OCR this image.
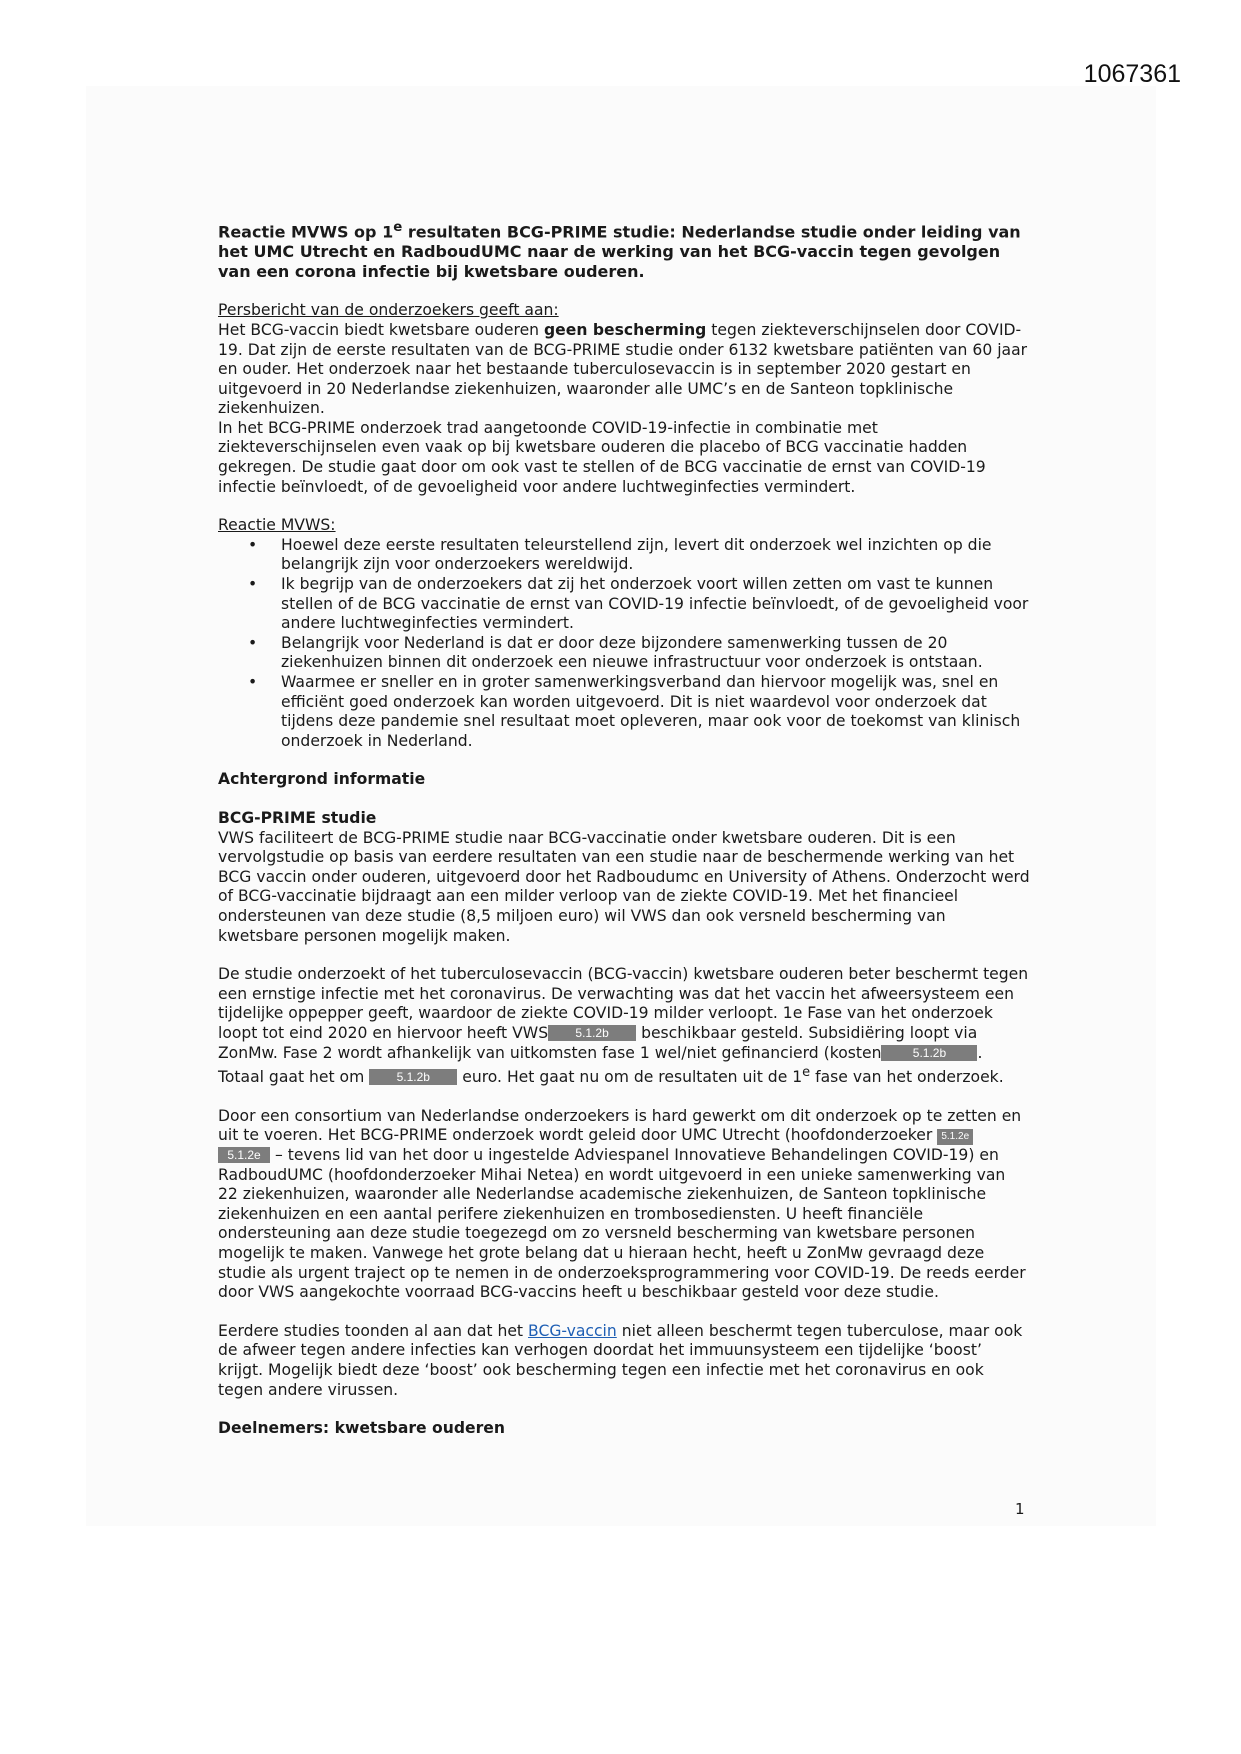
1067361

Reactie MVWS op 1e resultaten BCG-PRIME studie: Nederlandse studie onder leiding van het UMC Utrecht en RadboudUMC naar de werking van het BCG-vaccin tegen gevolgen van een corona infectie bij kwetsbare ouderen.

Persbericht van de onderzoekers geeft aan:

Het BCG-vaccin biedt kwetsbare ouderen geen bescherming tegen ziekteverschijnselen door COVID-19. Dat zijn de eerste resultaten van de BCG-PRIME studie onder 6132 kwetsbare patiënten van 60 jaar en ouder. Het onderzoek naar het bestaande tuberculosevaccin is in september 2020 gestart en uitgevoerd in 20 Nederlandse ziekenhuizen, waaronder alle UMC’s en de Santeon topklinische ziekenhuizen.

In het BCG-PRIME onderzoek trad aangetoonde COVID-19-infectie in combinatie met ziekteverschijnselen even vaak op bij kwetsbare ouderen die placebo of BCG vaccinatie hadden gekregen. De studie gaat door om ook vast te stellen of de BCG vaccinatie de ernst van COVID-19 infectie beïnvloedt, of de gevoeligheid voor andere luchtweginfecties vermindert.

Reactie MVWS:

• Hoewel deze eerste resultaten teleurstellend zijn, levert dit onderzoek wel inzichten op die belangrijk zijn voor onderzoekers wereldwijd.
• Ik begrijp van de onderzoekers dat zij het onderzoek voort willen zetten om vast te kunnen stellen of de BCG vaccinatie de ernst van COVID-19 infectie beïnvloedt, of de gevoeligheid voor andere luchtweginfecties vermindert.
• Belangrijk voor Nederland is dat er door deze bijzondere samenwerking tussen de 20 ziekenhuizen binnen dit onderzoek een nieuwe infrastructuur voor onderzoek is ontstaan.
• Waarmee er sneller en in groter samenwerkingsverband dan hiervoor mogelijk was, snel en efficiënt goed onderzoek kan worden uitgevoerd. Dit is niet waardevol voor onderzoek dat tijdens deze pandemie snel resultaat moet opleveren, maar ook voor de toekomst van klinisch onderzoek in Nederland.

Achtergrond informatie

BCG-PRIME studie

VWS faciliteert de BCG-PRIME studie naar BCG-vaccinatie onder kwetsbare ouderen. Dit is een vervolgstudie op basis van eerdere resultaten van een studie naar de beschermende werking van het BCG vaccin onder ouderen, uitgevoerd door het Radboudumc en University of Athens. Onderzocht werd of BCG-vaccinatie bijdraagt aan een milder verloop van de ziekte COVID-19. Met het financieel ondersteunen van deze studie (8,5 miljoen euro) wil VWS dan ook versneld bescherming van kwetsbare personen mogelijk maken.

De studie onderzoekt of het tuberculosevaccin (BCG-vaccin) kwetsbare ouderen beter beschermt tegen een ernstige infectie met het coronavirus. De verwachting was dat het vaccin het afweersysteem een tijdelijke oppepper geeft, waardoor de ziekte COVID-19 milder verloopt. 1e Fase van het onderzoek loopt tot eind 2020 en hiervoor heeft VWS 5.1.2b beschikbaar gesteld. Subsidiëring loopt via ZonMw. Fase 2 wordt afhankelijk van uitkomsten fase 1 wel/niet gefinancierd (kosten	5.1.2b . Totaal gaat het om	5.1.2b euro. Het gaat nu om de resultaten uit de 1e fase van het onderzoek.

Door een consortium van Nederlandse onderzoekers is hard gewerkt om dit onderzoek op te zetten en uit te voeren. Het BCG-PRIME onderzoek wordt geleid door UMC Utrecht (hoofdonderzoeker 5.1.2e 5.1.2e – tevens lid van het door u ingestelde Adviespanel Innovatieve Behandelingen COVID-19) en RadboudUMC (hoofdonderzoeker Mihai Netea) en wordt uitgevoerd in een unieke samenwerking van 22 ziekenhuizen, waaronder alle Nederlandse academische ziekenhuizen, de Santeon topklinische ziekenhuizen en een aantal perifere ziekenhuizen en trombosediensten. U heeft financiële ondersteuning aan deze studie toegezegd om zo versneld bescherming van kwetsbare personen mogelijk te maken. Vanwege het grote belang dat u hieraan hecht, heeft u ZonMw gevraagd deze studie als urgent traject op te nemen in de onderzoeksprogrammering voor COVID-19. De reeds eerder door VWS aangekochte voorraad BCG-vaccins heeft u beschikbaar gesteld voor deze studie.

Eerdere studies toonden al aan dat het BCG-vaccin niet alleen beschermt tegen tuberculose, maar ook de afweer tegen andere infecties kan verhogen doordat het immuunsysteem een tijdelijke ‘boost’ krijgt. Mogelijk biedt deze ‘boost’ ook bescherming tegen een infectie met het coronavirus en ook tegen andere virussen.

Deelnemers: kwetsbare ouderen

1
